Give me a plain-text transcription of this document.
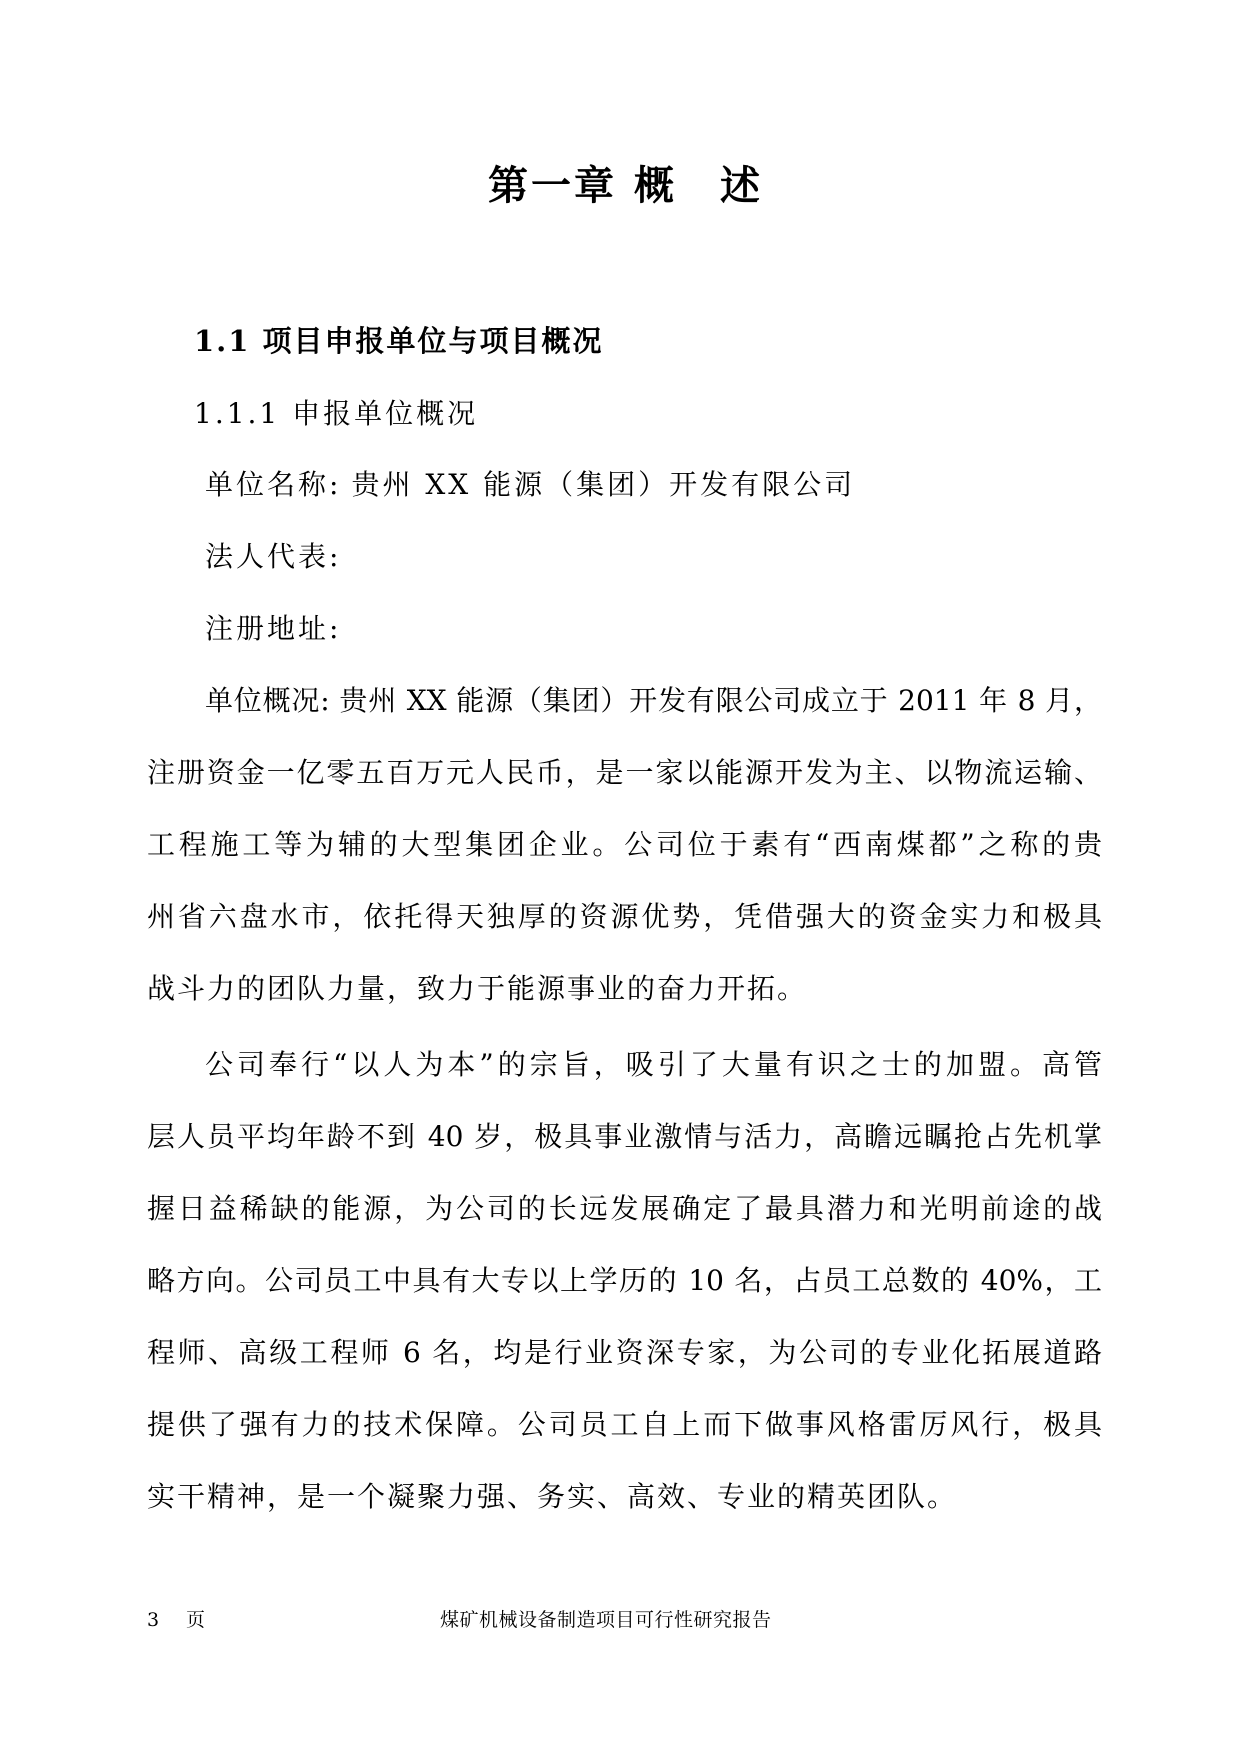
第一章 概　述
1.1 项目申报单位与项目概况
1.1.1 申报单位概况
单位名称: 贵州 XX 能源（集团）开发有限公司
法人代表:
注册地址:
单位概况: 贵州 XX 能源（集团）开发有限公司成立于 2011 年 8 月，
注册资金一亿零五百万元人民币，是一家以能源开发为主、以物流运输、
工程施工等为辅的大型集团企业。公司位于素有“西南煤都”之称的贵
州省六盘水市，依托得天独厚的资源优势，凭借强大的资金实力和极具
战斗力的团队力量，致力于能源事业的奋力开拓。
公司奉行“以人为本”的宗旨，吸引了大量有识之士的加盟。高管
层人员平均年龄不到 40 岁，极具事业激情与活力，高瞻远瞩抢占先机掌
握日益稀缺的能源，为公司的长远发展确定了最具潜力和光明前途的战
略方向。公司员工中具有大专以上学历的 10 名，占员工总数的 40%，工
程师、高级工程师 6 名，均是行业资深专家，为公司的专业化拓展道路
提供了强有力的技术保障。公司员工自上而下做事风格雷厉风行，极具
实干精神，是一个凝聚力强、务实、高效、专业的精英团队。
3 页	煤矿机械设备制造项目可行性研究报告
